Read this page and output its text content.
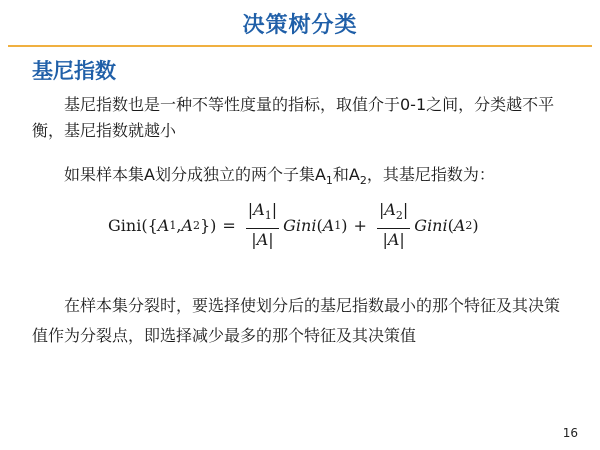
决策树分类
基尼指数
基尼指数也是一种不等性度量的指标，取值介于0-1之间，分类越不平衡，基尼指数就越小
如果样本集A划分成独立的两个子集$A_1$和$A_2$，其基尼指数为：
Gini ({ A 1 , A 2 }) = $\frac{|A_1|}{|A|}$ Gini ( A 1 ) + $\frac{|A_2|}{|A|}$ Gini ( A 2 )
在样本集分裂时，要选择使划分后的基尼指数最小的那个特征及其决策值作为分裂点，即选择减少最多的那个特征及其决策值
16
